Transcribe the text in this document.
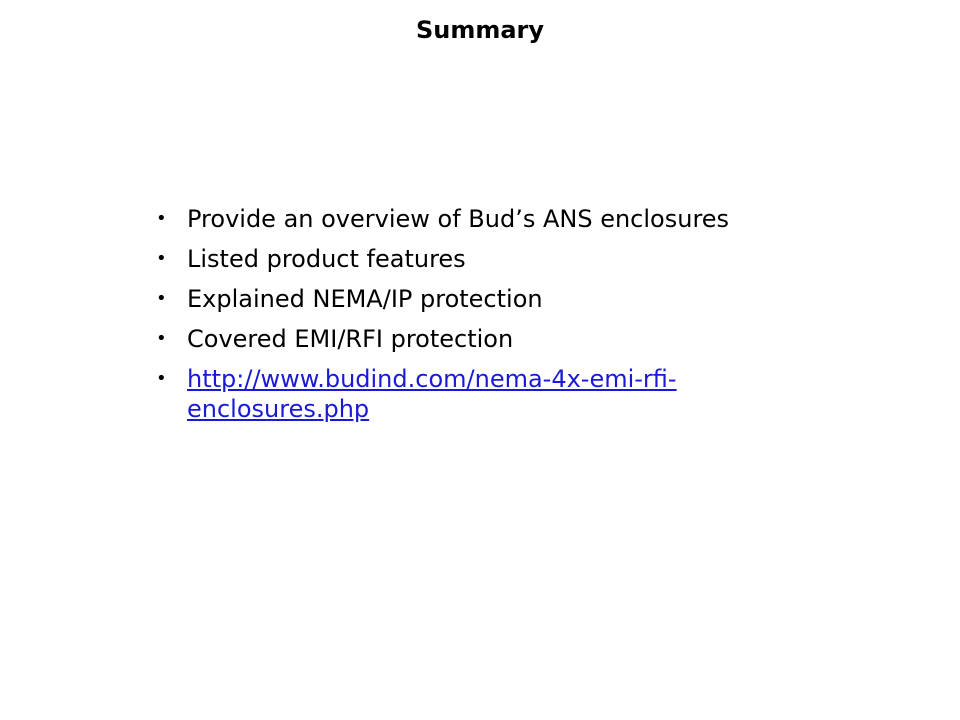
Summary
• Provide an overview of Bud’s ANS enclosures
• Listed product features
• Explained NEMA/IP protection
• Covered EMI/RFI protection
• http://www.budind.com/nema-4x-emi-rfi-
enclosures.php
